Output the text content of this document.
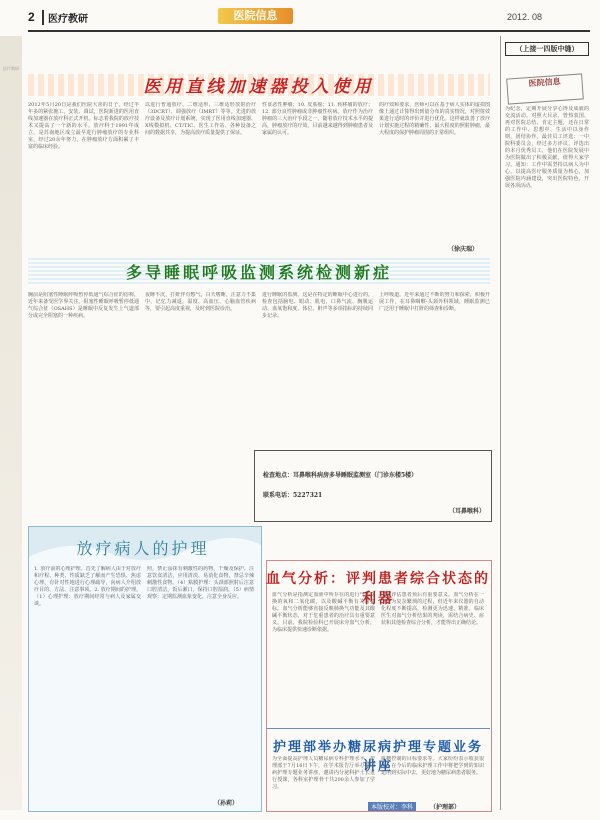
医疗教研
2	医疗教研	医院信息	2012. 08
医用直线加速器投入使用
2012年5月20日是我们医院大喜的日子，经过半年多的紧张施工、安装、调试，医院新进的医用直线加速器在放疗科正式开机。标志着我院的放疗技术又提高了一个新的水平。放疗科于1991年成立，是苏南地区成立最早进行肿瘤放疗的专业科室，经过20余年努力，在肿瘤放疗方面积累了丰富的临床经验。
以进行普通放疗、二维适形、三维适形放射治疗（3DCRT）、调强放疗（IMRT）等等。先进的放疗设备及放疗计划系统，实现了医用直线加速器、X线模拟机、CT/TIC、医生工作站、各种设备之间的数据共享，为提高放疗质量提供了保证。
性食恶性肿瘤；10. 皮肤癌；11. 转移瘤的放疗；12. 部分良性肿瘤或非肿瘤性疾病。放疗作为治疗肿瘤的三大治疗手段之一，随着放疗技术水平的提高，肿瘤放疗的疗效，目前越来越得到肿瘤患者及家属的认可。
的疗效和要求，医师可以在基于病人实体的虚拟图像上通过计算得出到量分布的真实情况，对照射效果进行适时的评价并进行优化。这样就改善了放疗计划实施过程的精确性，最大程度的照射肿瘤，最大程度的保护肿瘤周围的正常组织。
（徐庆瑞）
多导睡眠呼吸监测系统检测新症
胸前是阻塞性睡眠呼吸暂停低通气综合征的俗称，近年来备受医学界关注。阻塞性睡眠呼吸暂停低通气综合征（OSAHS）是睡眠中反复发生上气道部分或完全阻塞的一种疾病。
夜睡不沉，打鼾伴有憋气，白天嗜睡，注意力不集中，记忆力减退，温度、高血压、心脑血管疾病等，要引起高度重视，及时到医院诊治。
进行睡眠的监测。这是在特定的睡眠中心进行的。检查包括脑电、眼动、肌电、口鼻气流、胸腹运动、血氧饱和度、体位、鼾声等多项指标的持续同步记录。
上呼吸道。近年来通过不断的努力和探索，积极开展工作，在耳鼻咽喉-头颈外科领域，睡眠监测已广泛用于睡眠中打鼾的筛查和诊断。
检查地点：耳鼻喉科病房多导睡眠监测室（门诊东楼5楼）
联系电话：5227321
（耳鼻喉科）
放疗病人的护理
1. 放疗前的心理护理。首先了解病人由于对放疗和疗程、种类、性质缺乏了解而产生恐惧、焦虑心理，有针对性地进行心理疏导，向病人介绍放疗目的、方法、注意事项。2. 放疗期间的护理。（1）心理护理：放疗期间经常与病人及家属交谈。
照，禁止涂抹有刺激性的药物，干燥及保护。注意饮食清洁，应用清淡、易消化食物，禁忌辛辣刺激性食物。（4）粘膜护理：头颈部照射后注意口腔清洁，饭后漱口，保持口腔湿润。（5）病情观察：定期监测血象变化，注意全身反应。
（孙莉）
血气分析：评判患者综合状态的利器
血气分析是指测定血液中所存在的进行气体交换的氧和二氧化碳，以及酸碱平衡有关的指标。血气分析能够直接反映肺换气功能及其酸碱平衡状态，对于危重患者的治疗具有重要意义。目前，我院检验科已开展床旁血气分析，为临床提供快速诊断依据。
度和评估患者预后有重要意义。血气分析在一个较为复杂繁琐的过程，但近年来仪器的自动化程度不断提高，检测更为迅速、精准。临床医生对血气分析结果的判读，需结合病史、症状和其他检查综合分析，才能得出正确结论。
护理部举办糖尿病护理专题业务讲座
为全面提高护理人员糖尿病专科护理水平，护理部于7月16日下午，在学术报告厅举办糖尿病护理专题业务讲座，邀请内分泌科护士长进行授课，各科室护理骨干共200余人参加了学习。
血糖控制的目标要求等。大家纷纷表示收获很大，在今后的临床护理工作中将把学到的知识运用到实际中去，更好地为糖尿病患者服务。
（护理部）
本版校对：李科
（上接一四版中缝）
医院信息
为纪念，定期开展分享心得及成就的交流活动。对照大目录，曾热衷国、再对医院总结、肯定主题，还在日常的工作中、思想中、生活中以身作则，团结协作。最佳员工评选：一中院科委员会，经过多方评议，评选出的本月优秀员工，他们在医院发展中为医院做出了积极贡献，值得大家学习。通知：工作中需坚持以病人为中心，以提高医疗服务质量为核心，加强医院内涵建设，突出医院特色，开展各项活动。
